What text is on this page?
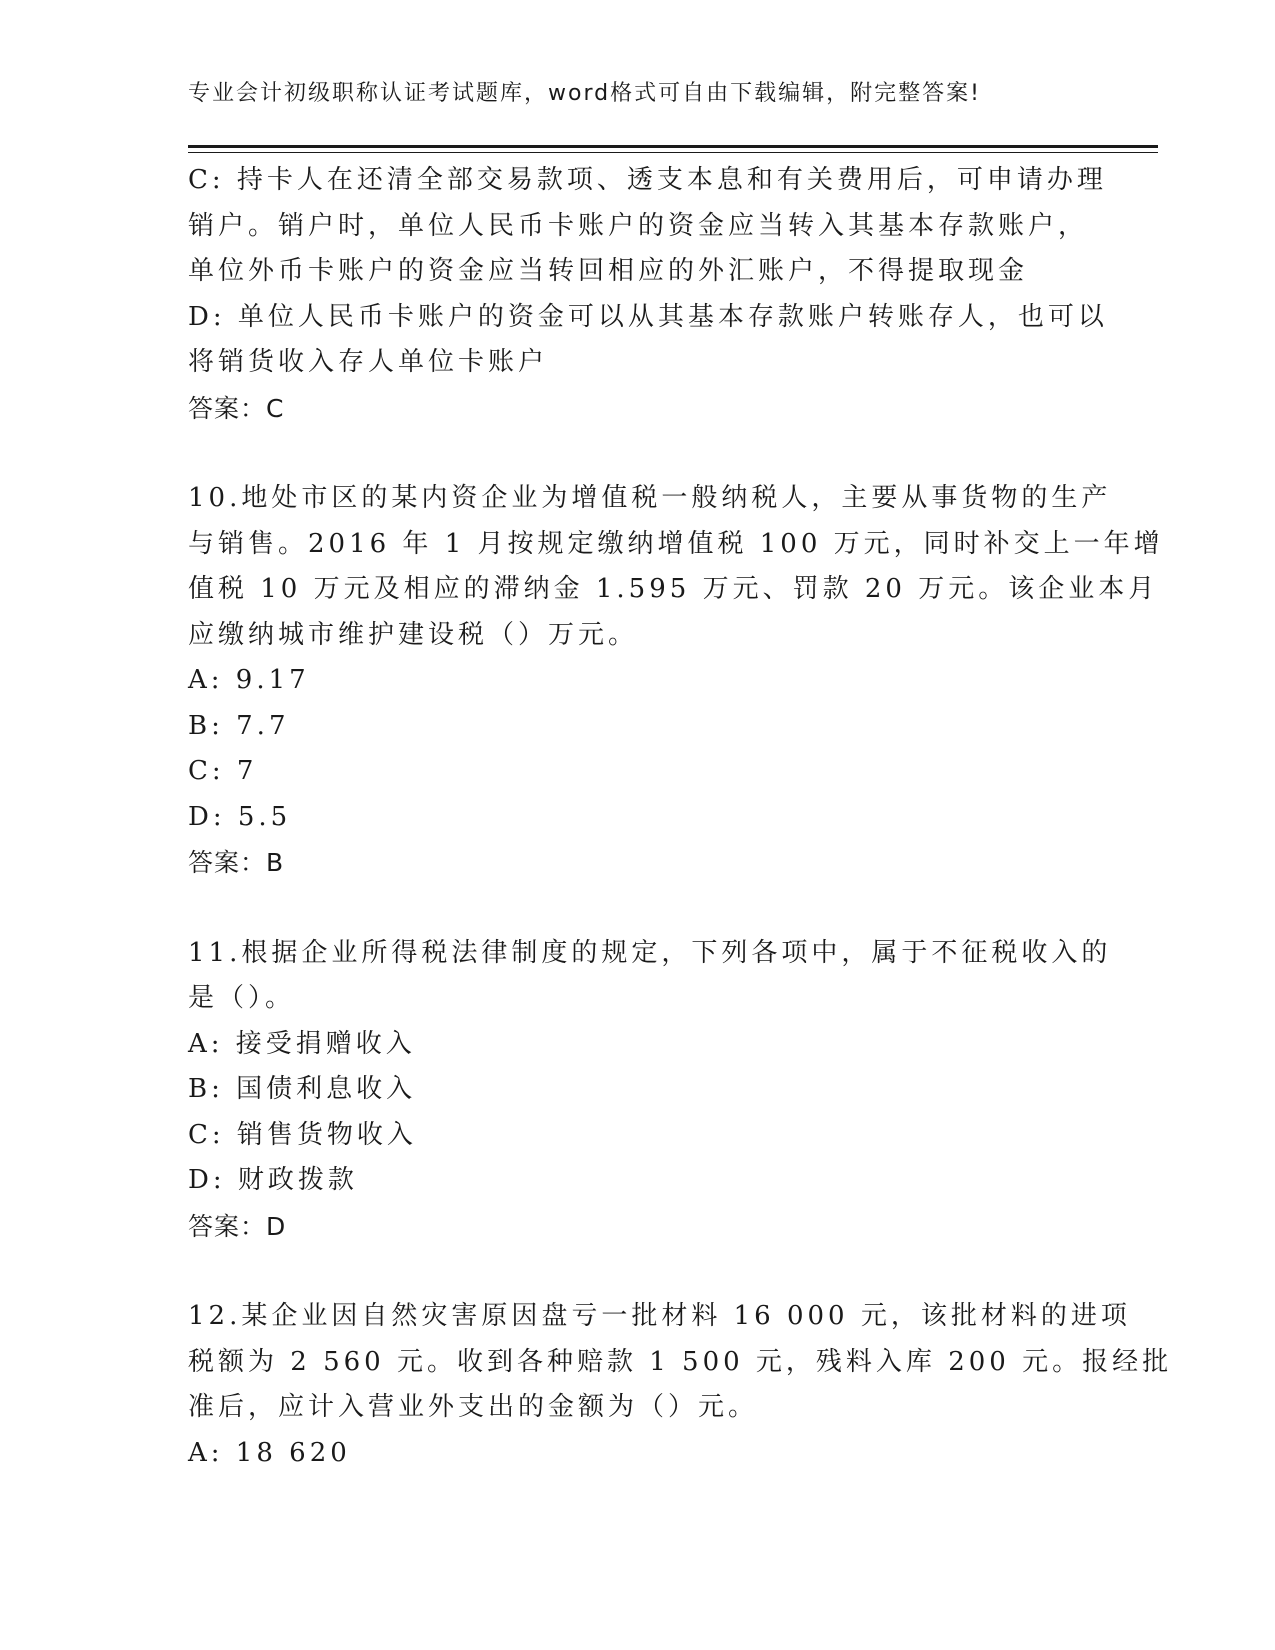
专业会计初级职称认证考试题库，word格式可自由下载编辑，附完整答案!
C: 持卡人在还清全部交易款项、透支本息和有关费用后，可申请办理
销户。销户时，单位人民币卡账户的资金应当转入其基本存款账户，
单位外币卡账户的资金应当转回相应的外汇账户，不得提取现金
D: 单位人民币卡账户的资金可以从其基本存款账户转账存人，也可以
将销货收入存人单位卡账户
答案：C
10.地处市区的某内资企业为增值税一般纳税人，主要从事货物的生产
与销售。2016 年 1 月按规定缴纳增值税 100 万元，同时补交上一年增
值税 10 万元及相应的滞纳金 1.595 万元、罚款 20 万元。该企业本月
应缴纳城市维护建设税（）万元。
A: 9.17
B: 7.7
C: 7
D: 5.5
答案：B
11.根据企业所得税法律制度的规定，下列各项中，属于不征税收入的
是（）。
A: 接受捐赠收入
B: 国债利息收入
C: 销售货物收入
D: 财政拨款
答案：D
12.某企业因自然灾害原因盘亏一批材料 16 000 元，该批材料的进项
税额为 2 560 元。收到各种赔款 1 500 元，残料入库 200 元。报经批
准后，应计入营业外支出的金额为（）元。
A: 18 620
